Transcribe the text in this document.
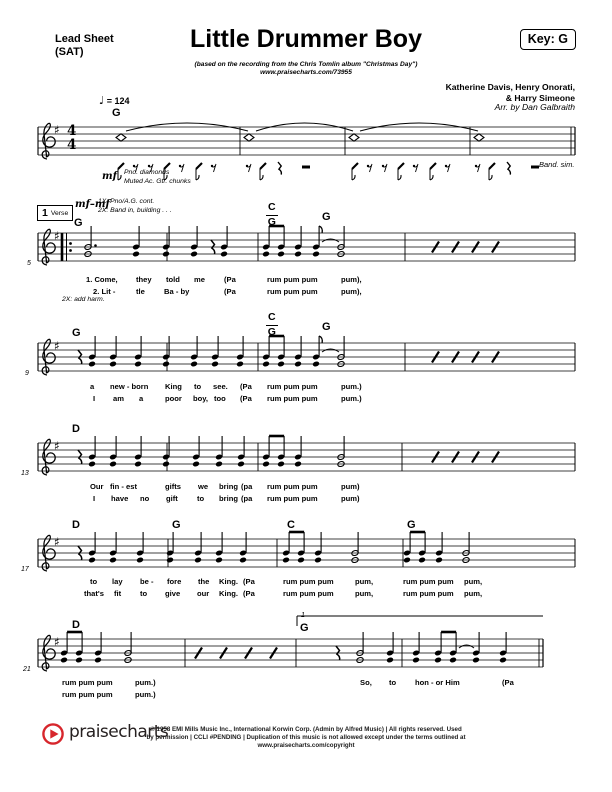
Lead Sheet
(SAT)	Little Drummer Boy
(based on the recording from the Chris Tomlin album "Christmas Day")
www.praisecharts.com/73955
Key: G
Katherine Davis, Henry Onorati,
& Harry Simeone
Arr. by Dan Galbraith
♩ = 124
♯ 4
4
G
mf Pno. diamonds
Muted Ac. Gtr. chunks
Band. sim.
♯
mf–mf
1X: Pno/A.G. cont.
2X: Band in, building . . .
G	G
5
2X: add harm.
C
G
1 Verse
1. Come, they told me	(Pa	rum pum pum	pum),
2. Lit -	tle	Ba - by	(Pa	rum pum pum	pum),
♯
G	G
9
C
G
a new - born King to see. (Pa rum pum pum	pum.)
I am a	poor boy, too (Pa rum pum pum	pum.)
♯
D
13
Our fin - est	gifts we bring (pa rum pum pum	pum)
I have no gift	to bring (pa rum pum pum	pum)
♯
D	G	C	G
17
to lay be - fore the King. (Pa	rum pum pum	pum,	rum pum pum pum,
that's fit to give our King. (Pa	rum pum pum	pum,	rum pum pum pum,
♯
D
1
G
21
rum pum pum	pum.)	So, to hon - or Him	(Pa
rum pum pum	pum.)
praisecharts
© 1958 EMI Mills Music Inc., International Korwin Corp. (Admin by Alfred Music) | All rights reserved. Used
by permission | CCLI #PENDING | Duplication of this music is not allowed except under the terms outlined at
www.praisecharts.com/copyright
